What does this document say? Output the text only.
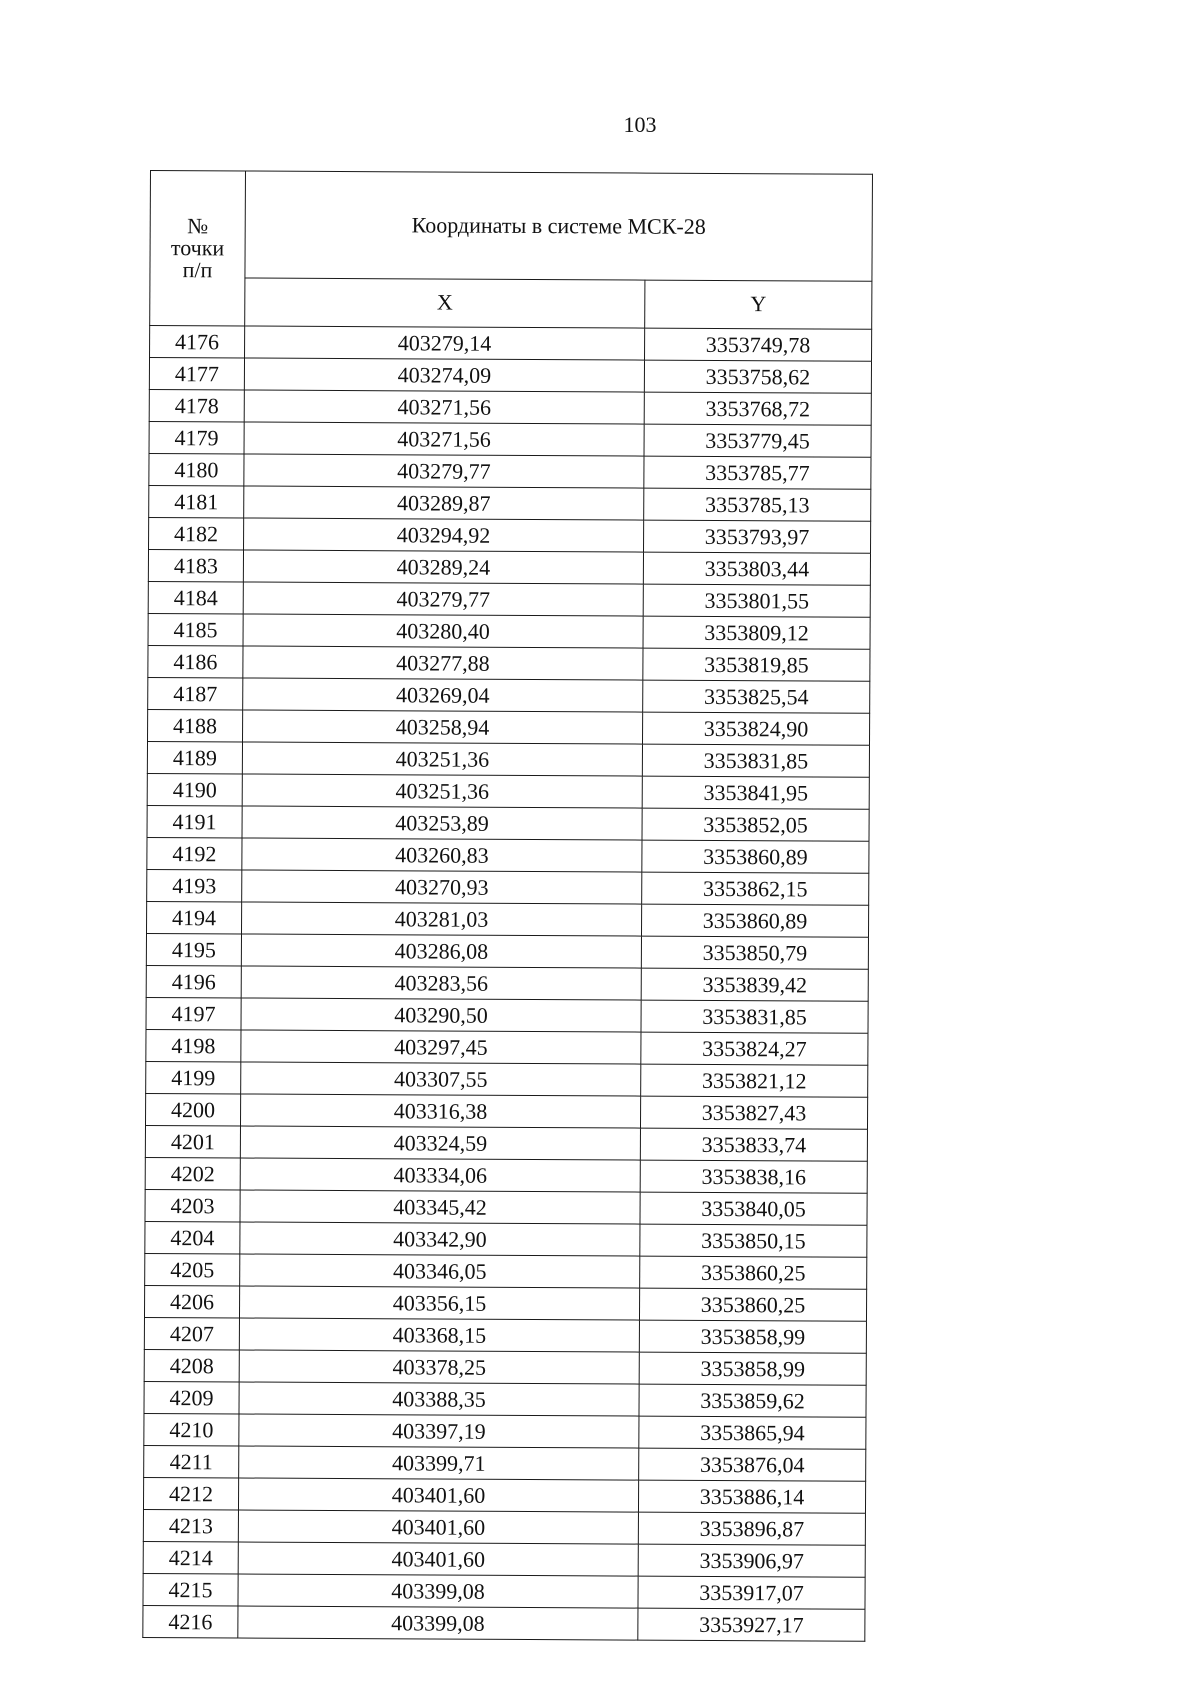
103
№
точки
п/п	Координаты в системе МСК-28	
	X	Y
4176	403279,14	3353749,78
4177	403274,09	3353758,62
4178	403271,56	3353768,72
4179	403271,56	3353779,45
4180	403279,77	3353785,77
4181	403289,87	3353785,13
4182	403294,92	3353793,97
4183	403289,24	3353803,44
4184	403279,77	3353801,55
4185	403280,40	3353809,12
4186	403277,88	3353819,85
4187	403269,04	3353825,54
4188	403258,94	3353824,90
4189	403251,36	3353831,85
4190	403251,36	3353841,95
4191	403253,89	3353852,05
4192	403260,83	3353860,89
4193	403270,93	3353862,15
4194	403281,03	3353860,89
4195	403286,08	3353850,79
4196	403283,56	3353839,42
4197	403290,50	3353831,85
4198	403297,45	3353824,27
4199	403307,55	3353821,12
4200	403316,38	3353827,43
4201	403324,59	3353833,74
4202	403334,06	3353838,16
4203	403345,42	3353840,05
4204	403342,90	3353850,15
4205	403346,05	3353860,25
4206	403356,15	3353860,25
4207	403368,15	3353858,99
4208	403378,25	3353858,99
4209	403388,35	3353859,62
4210	403397,19	3353865,94
4211	403399,71	3353876,04
4212	403401,60	3353886,14
4213	403401,60	3353896,87
4214	403401,60	3353906,97
4215	403399,08	3353917,07
4216	403399,08	3353927,17
